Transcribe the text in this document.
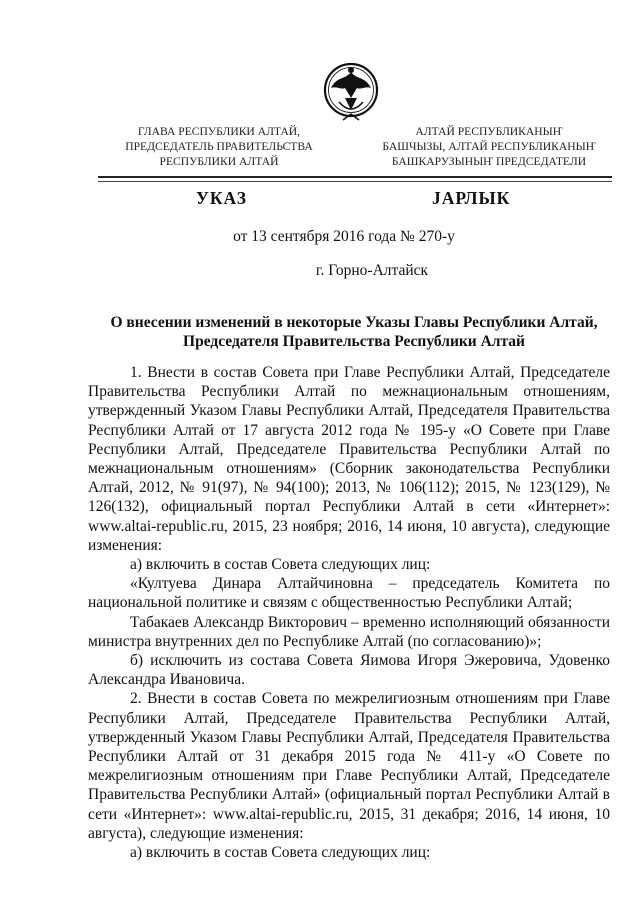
ГЛАВА РЕСПУБЛИКИ АЛТАЙ,
ПРЕДСЕДАТЕЛЬ ПРАВИТЕЛЬСТВА
РЕСПУБЛИКИ АЛТАЙ
АЛТАЙ РЕСПУБЛИКАНЫҤ
БАШЧЫЗЫ, АЛТАЙ РЕСПУБЛИКАНЫҤ
БАШКАРУЗЫНЫҤ ПРЕДСЕДАТЕЛИ
УКАЗ	JАРЛЫК
от 13 сентября 2016 года № 270-у
г. Горно-Алтайск
О внесении изменений в некоторые Указы Главы Республики Алтай,
Председателя Правительства Республики Алтай

1. Внести в состав Совета при Главе Республики Алтай, Председателе Правительства Республики Алтай по межнациональным отношениям, утвержденный Указом Главы Республики Алтай, Председателя Правительства Республики Алтай от 17 августа 2012 года № 195-у «О Совете при Главе Республики Алтай, Председателе Правительства Республики Алтай по межнациональным отношениям» (Сборник законодательства Республики Алтай, 2012, № 91(97), № 94(100); 2013, № 106(112); 2015, № 123(129), № 126(132), официальный портал Республики Алтай в сети «Интернет»: www.altai-republic.ru, 2015, 23 ноября; 2016, 14 июня, 10 августа), следующие изменения:

а) включить в состав Совета следующих лиц:

«Култуева Динара Алтайчиновна – председатель Комитета по национальной политике и связям с общественностью Республики Алтай;

Табакаев Александр Викторович – временно исполняющий обязанности министра внутренних дел по Республике Алтай (по согласованию)»;

б) исключить из состава Совета Яимова Игоря Эжеровича, Удовенко Александра Ивановича.

2. Внести в состав Совета по межрелигиозным отношениям при Главе Республики Алтай, Председателе Правительства Республики Алтай, утвержденный Указом Главы Республики Алтай, Председателя Правительства Республики Алтай от 31 декабря 2015 года № 411-у «О Совете по межрелигиозным отношениям при Главе Республики Алтай, Председателе Правительства Республики Алтай» (официальный портал Республики Алтай в сети «Интернет»: www.altai-republic.ru, 2015, 31 декабря; 2016, 14 июня, 10 августа), следующие изменения:

а) включить в состав Совета следующих лиц:
